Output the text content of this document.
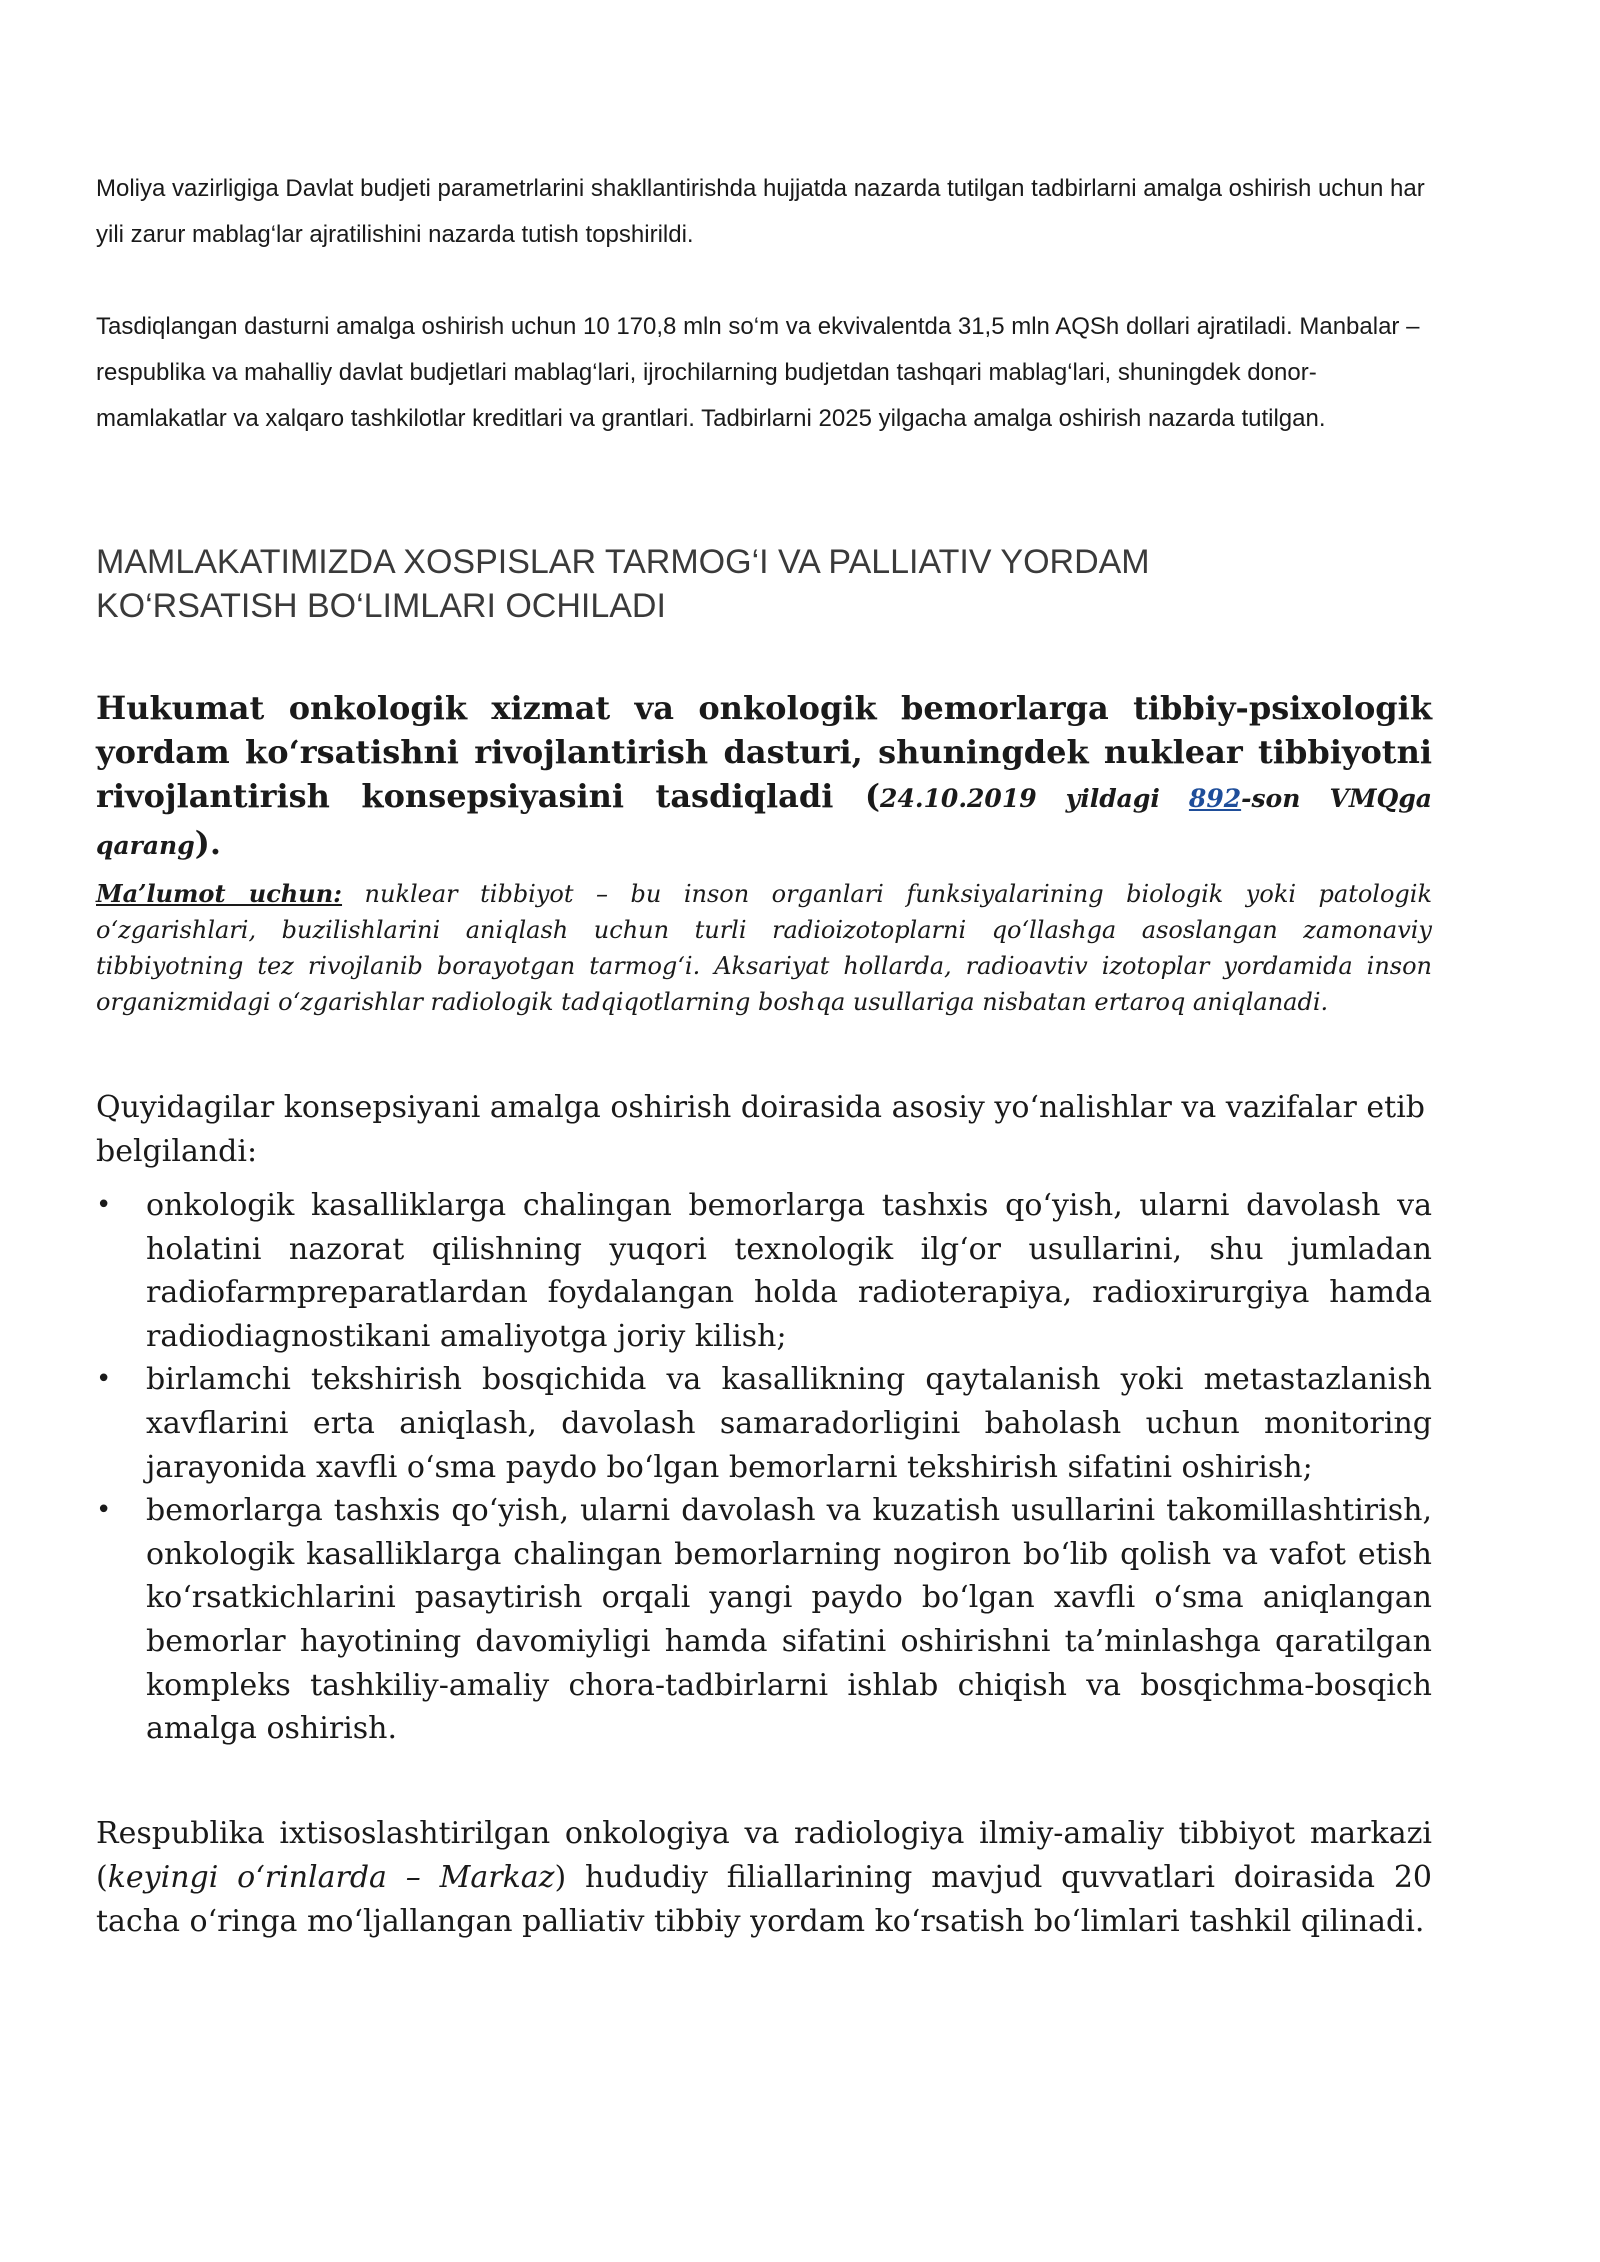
Moliya vazirligiga Davlat budjeti parametrlarini shakllantirishda hujjatda nazarda tutilgan tadbirlarni amalga oshirish uchun har yili zarur mablag‘lar ajratilishini nazarda tutish topshirildi.

Tasdiqlangan dasturni amalga oshirish uchun 10 170,8 mln so‘m va ekvivalentda 31,5 mln AQSh dollari ajratiladi. Manbalar – respublika va mahalliy davlat budjetlari mablag‘lari, ijrochilarning budjetdan tashqari mablag‘lari, shuningdek donor-mamlakatlar va xalqaro tashkilotlar kreditlari va grantlari. Tadbirlarni 2025 yilgacha amalga oshirish nazarda tutilgan.

MAMLAKATIMIZDA XOSPISLAR TARMOG‘I VA PALLIATIV YORDAM
KO‘RSATISH BO‘LIMLARI OCHILADI

Hukumat onkologik xizmat va onkologik bemorlarga tibbiy-psixologik yordam ko‘rsatishni rivojlantirish dasturi, shuningdek nuklear tibbiyotni rivojlantirish konsepsiyasini tasdiqladi (24.10.2019 yildagi 892-son VMQga qarang).

Ma’lumot uchun: nuklear tibbiyot – bu inson organlari funksiyalarining biologik yoki patologik o‘zgarishlari, buzilishlarini aniqlash uchun turli radioizotoplarni qo‘llashga asoslangan zamonaviy tibbiyotning tez rivojlanib borayotgan tarmog‘i. Aksariyat hollarda, radioavtiv izotoplar yordamida inson organizmidagi o‘zgarishlar radiologik tadqiqotlarning boshqa usullariga nisbatan ertaroq aniqlanadi.

Quyidagilar konsepsiyani amalga oshirish doirasida asosiy yo‘nalishlar va vazifalar etib belgilandi:

• onkologik kasalliklarga chalingan bemorlarga tashxis qo‘yish, ularni davolash va holatini nazorat qilishning yuqori texnologik ilg‘or usullarini, shu jumladan radiofarmpreparatlardan foydalangan holda radioterapiya, radioxirurgiya hamda radiodiagnostikani amaliyotga joriy kilish;
• birlamchi tekshirish bosqichida va kasallikning qaytalanish yoki metastazlanish xavflarini erta aniqlash, davolash samaradorligini baholash uchun monitoring jarayonida xavfli o‘sma paydo bo‘lgan bemorlarni tekshirish sifatini oshirish;
• bemorlarga tashxis qo‘yish, ularni davolash va kuzatish usullarini takomillashtirish, onkologik kasalliklarga chalingan bemorlarning nogiron bo‘lib qolish va vafot etish ko‘rsatkichlarini pasaytirish orqali yangi paydo bo‘lgan xavfli o‘sma aniqlangan bemorlar hayotining davomiyligi hamda sifatini oshirishni ta’minlashga qaratilgan kompleks tashkiliy-amaliy chora-tadbirlarni ishlab chiqish va bosqichma-bosqich amalga oshirish.

Respublika ixtisoslashtirilgan onkologiya va radiologiya ilmiy-amaliy tibbiyot markazi (keyingi o‘rinlarda – Markaz) hududiy filiallarining mavjud quvvatlari doirasida 20 tacha o‘ringa mo‘ljallangan palliativ tibbiy yordam ko‘rsatish bo‘limlari tashkil qilinadi.
